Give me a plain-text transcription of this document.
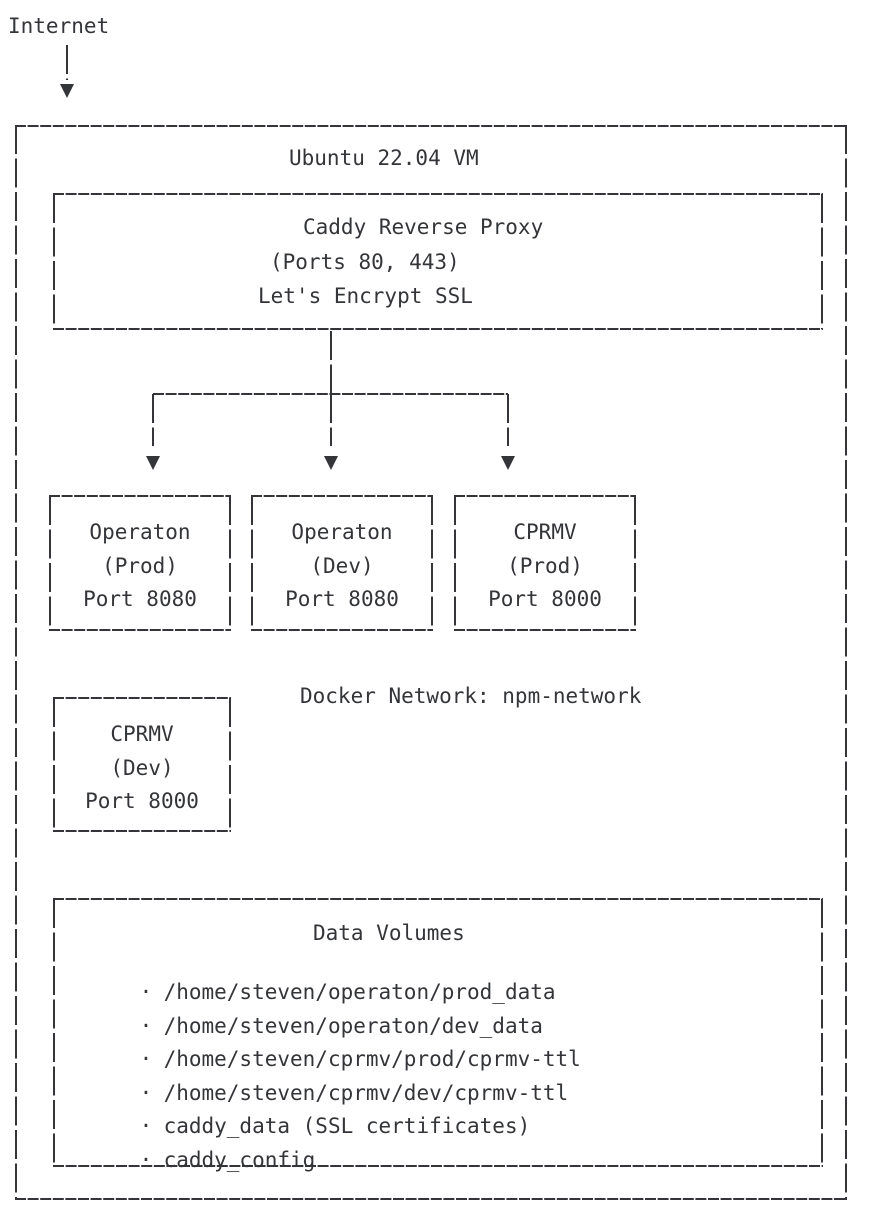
Internet
Ubuntu 22.04 VM
Caddy Reverse Proxy
(Ports 80, 443)
Let's Encrypt SSL
Operaton
(Prod)
Port 8080
Operaton
(Dev)
Port 8080
CPRMV
(Prod)
Port 8000
CPRMV
(Dev)
Port 8000
Docker Network: npm-network
Data Volumes

· /home/steven/operaton/prod_data

· /home/steven/operaton/dev_data

· /home/steven/cprmv/prod/cprmv-ttl

· /home/steven/cprmv/dev/cprmv-ttl

· caddy_data (SSL certificates)

· caddy_config
